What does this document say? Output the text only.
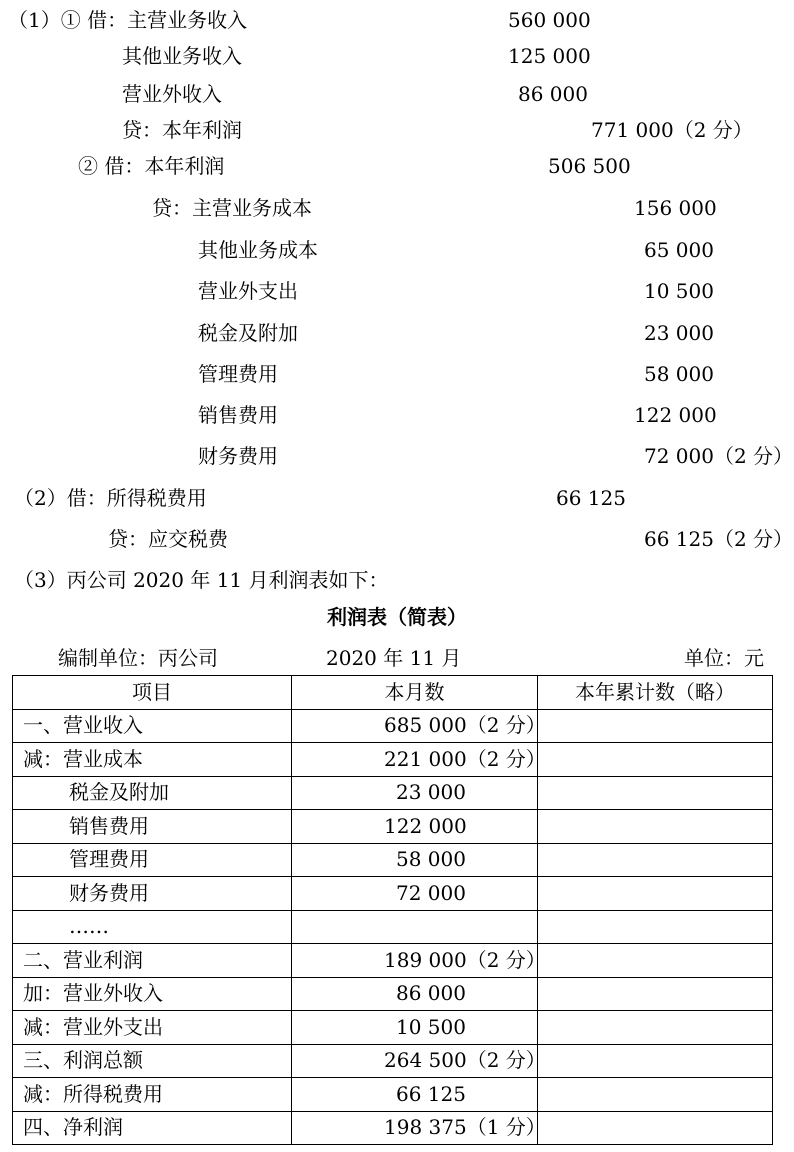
（1）① 借：主营业务收入	560 000
其他业务收入	125 000
营业外收入	86 000
贷：本年利润	771 000（2 分）
② 借：本年利润	506 500
贷：主营业务成本	156 000
其他业务成本	65 000
营业外支出	10 500
税金及附加	23 000
管理费用	58 000
销售费用	122 000
财务费用	72 000（2 分）
（2）借：所得税费用	66 125
贷：应交税费	66 125（2 分）
（3）丙公司 2020 年 11 月利润表如下：
利润表（简表）
编制单位：丙公司	2020 年 11 月	单位：元
项目	本月数	本年累计数（略）
一、营业收入	685 000（2 分）	
减：营业成本	221 000（2 分）	
税金及附加	23 000	
销售费用	122 000	
管理费用	58 000	
财务费用	72 000	
……		
二、营业利润	189 000（2 分）	
加：营业外收入	86 000	
减：营业外支出	10 500	
三、利润总额	264 500（2 分）	
减：所得税费用	66 125	
四、净利润	198 375（1 分）	
